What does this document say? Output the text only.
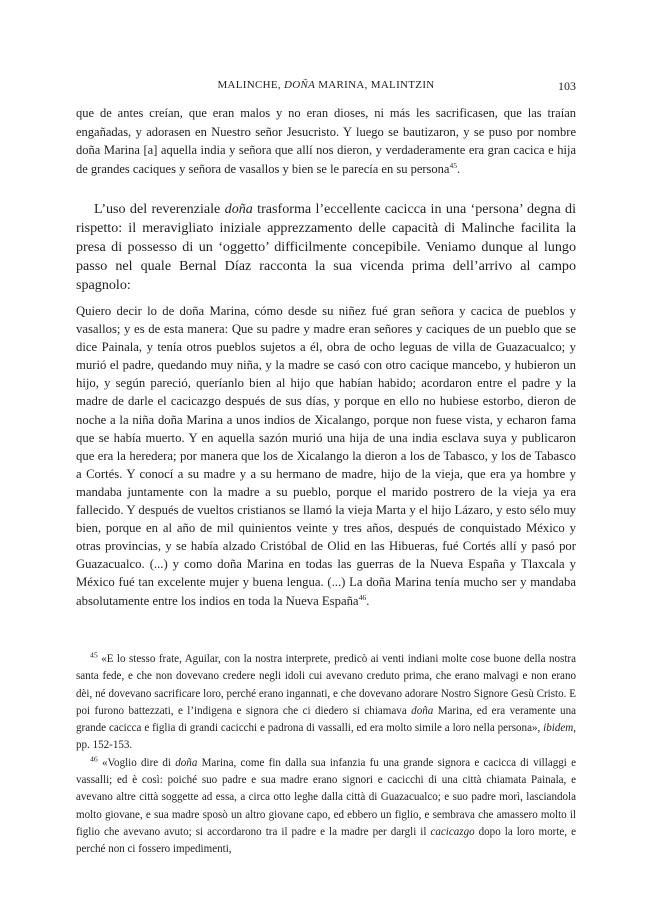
MALINCHE, DOÑA MARINA, MALINTZIN	103

que de antes creían, que eran malos y no eran dioses, ni más les sacrificasen, que las traían engañadas, y adorasen en Nuestro señor Jesucristo. Y luego se bautizaron, y se puso por nombre doña Marina [a] aquella india y señora que allí nos dieron, y verdaderamente era gran cacica e hija de grandes caciques y señora de vasallos y bien se le parecía en su persona$^{45}$.

L’uso del reverenziale doña trasforma l’eccellente cacicca in una ‘persona’ degna di rispetto: il meravigliato iniziale apprezzamento delle capacità di Malinche facilita la presa di possesso di un ‘oggetto’ difficilmente concepibile. Veniamo dunque al lungo passo nel quale Bernal Díaz racconta la sua vicenda prima dell’arrivo al campo spagnolo:

Quiero decir lo de doña Marina, cómo desde su niñez fué gran señora y cacica de pueblos y vasallos; y es de esta manera: Que su padre y madre eran señores y caciques de un pueblo que se dice Painala, y tenía otros pueblos sujetos a él, obra de ocho leguas de villa de Guazacualco; y murió el padre, quedando muy niña, y la madre se casó con otro cacique mancebo, y hubieron un hijo, y según pareció, queríanlo bien al hijo que habían habido; acordaron entre el padre y la madre de darle el cacicazgo después de sus días, y porque en ello no hubiese estorbo, dieron de noche a la niña doña Marina a unos indios de Xicalango, porque non fuese vista, y echaron fama que se había muerto. Y en aquella sazón murió una hija de una india esclava suya y publicaron que era la heredera; por manera que los de Xicalango la dieron a los de Tabasco, y los de Tabasco a Cortés. Y conocí a su madre y a su hermano de madre, hijo de la vieja, que era ya hombre y mandaba juntamente con la madre a su pueblo, porque el marido postrero de la vieja ya era fallecido. Y después de vueltos cristianos se llamó la vieja Marta y el hijo Lázaro, y esto sélo muy bien, porque en al año de mil quinientos veinte y tres años, después de conquistado México y otras provincias, y se había alzado Cristóbal de Olid en las Hibueras, fué Cortés allí y pasó por Guazacualco. (...) y como doña Marina en todas las guerras de la Nueva España y Tlaxcala y México fué tan excelente mujer y buena lengua. (...) La doña Marina tenía mucho ser y mandaba absolutamente entre los indios en toda la Nueva España$^{46}$.

$^{45}$ «E lo stesso frate, Aguilar, con la nostra interprete, predicò ai venti indiani molte cose buone della nostra santa fede, e che non dovevano credere negli idoli cui avevano creduto prima, che erano malvagi e non erano dèi, né dovevano sacrificare loro, perché erano ingannati, e che dovevano adorare Nostro Signore Gesù Cristo. E poi furono battezzati, e l’indigena e signora che ci diedero si chiamava doña Marina, ed era veramente una grande cacicca e figlia di grandi cacicchi e padrona di vassalli, ed era molto simile a loro nella persona», ibidem, pp. 152-153.

$^{46}$ «Voglio dire di doña Marina, come fin dalla sua infanzia fu una grande signora e cacicca di villaggi e vassalli; ed è così: poiché suo padre e sua madre erano signori e cacicchi di una città chiamata Painala, e avevano altre città soggette ad essa, a circa otto leghe dalla città di Guazacualco; e suo padre morì, lasciandola molto giovane, e sua madre sposò un altro giovane capo, ed ebbero un figlio, e sembrava che amassero molto il figlio che avevano avuto; si accordarono tra il padre e la madre per dargli il cacicazgo dopo la loro morte, e perché non ci fossero impedimenti,
